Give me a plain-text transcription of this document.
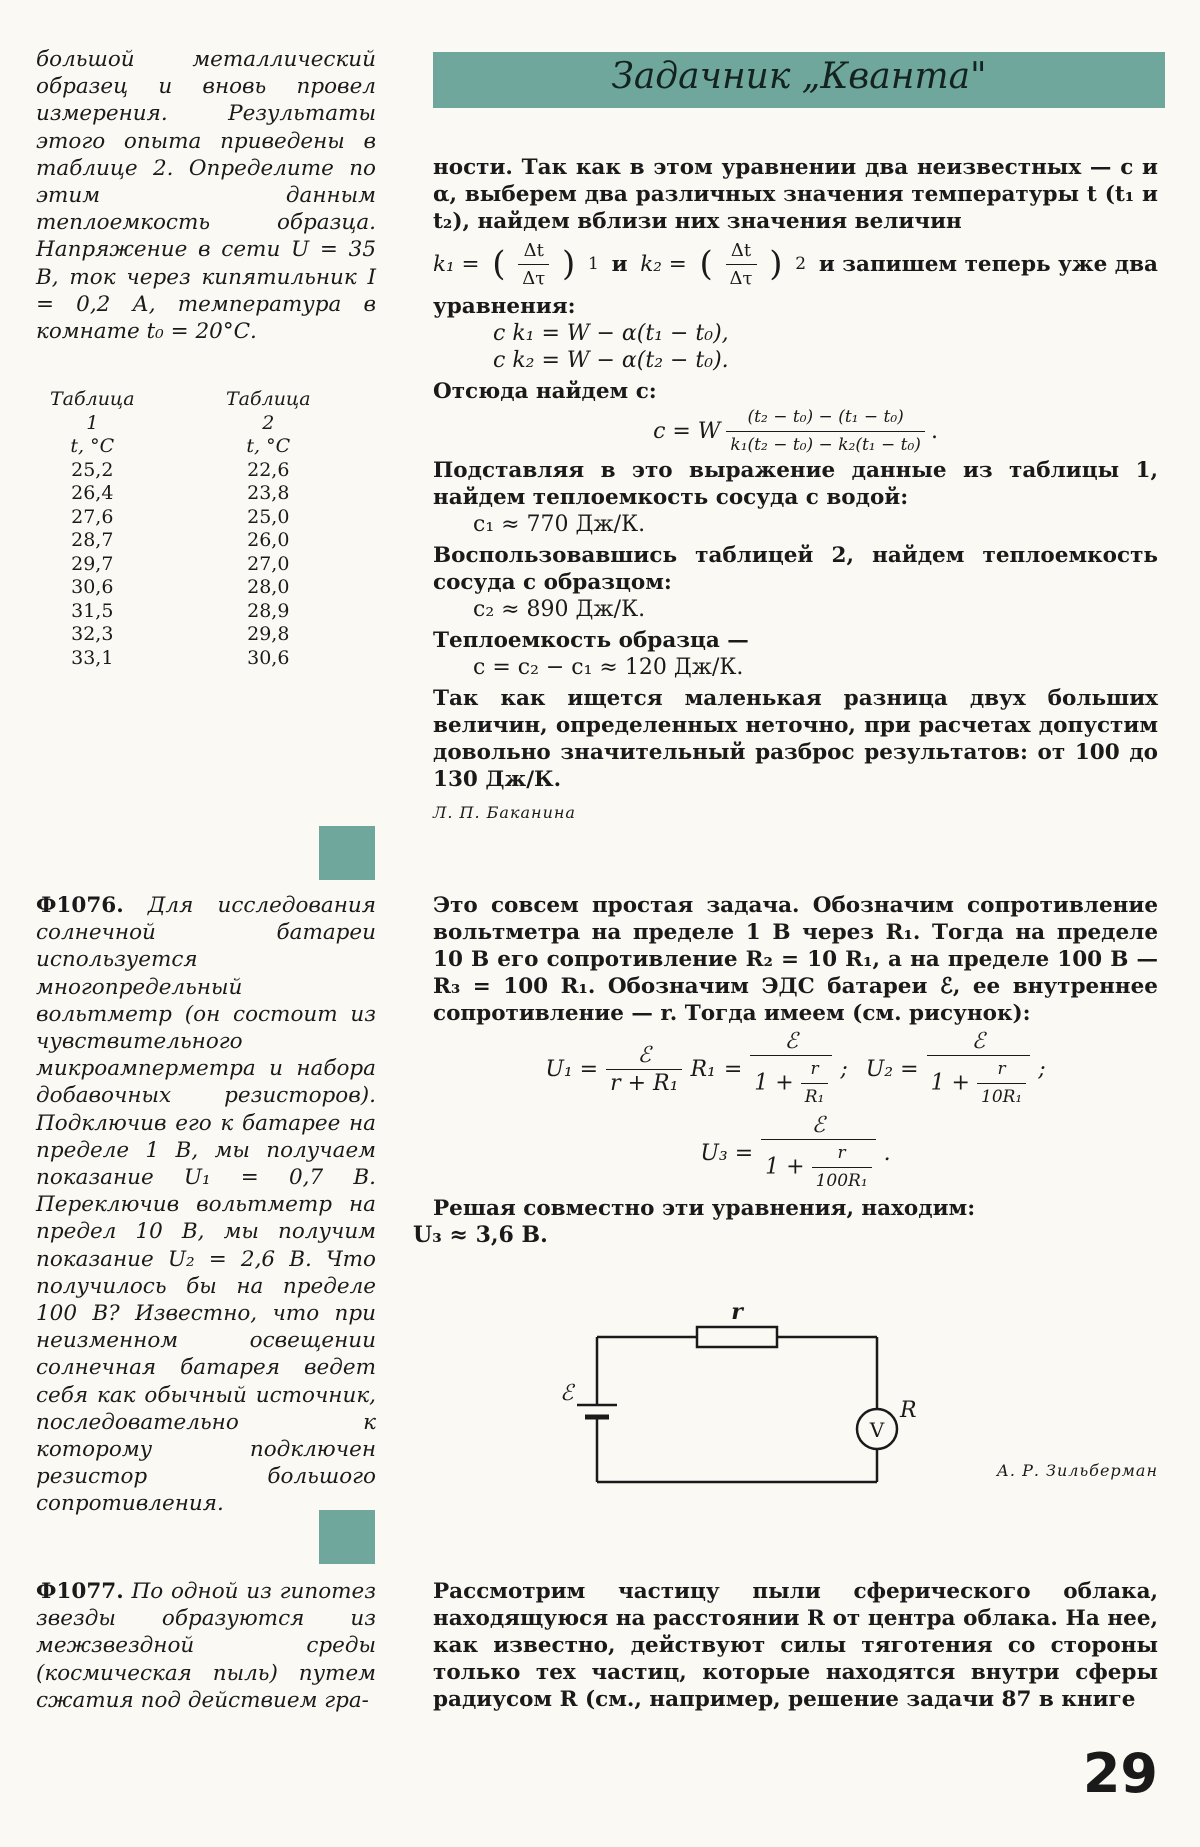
Задачник „Кванта"

большой металлический образец и вновь провел измерения. Результаты этого опыта приведены в таблице 2. Определите по этим данным теплоемкость образца. Напряжение в сети U = 35 В, ток через кипятильник I = 0,2 А, температура в комнате t₀ = 20°С.

Таблица 1
t, °С
25,2
26,4
27,6
28,7
29,7
30,6
31,5
32,3
33,1
Таблица 2
t, °С
22,6
23,8
25,0
26,0
27,0
28,0
28,9
29,8
30,6

Ф1076. Для исследования солнечной батареи используется многопредельный вольтметр (он состоит из чувствительного микроамперметра и набора добавочных резисторов). Подключив его к батарее на пределе 1 В, мы получаем показание U₁ = 0,7 В. Переключив вольтметр на предел 10 В, мы получим показание U₂ = 2,6 В. Что получилось бы на пределе 100 В? Известно, что при неизменном освещении солнечная батарея ведет себя как обычный источник, последовательно к которому подключен резистор большого сопротивления.

Ф1077. По одной из гипотез звезды образуются из межзвездной среды (космическая пыль) путем сжатия под действием гра-

ности. Так как в этом уравнении два неизвестных — c и α, выберем два различных значения температуры t (t₁ и t₂), найдем вблизи них значения величин

k₁ = ( $\frac{\Delta t}{\Delta\tau}$ ) 1 и k₂ = ( $\frac{\Delta t}{\Delta\tau}$ ) 2 и запишем теперь уже два

уравнения:

c k₁ = W − α(t₁ − t₀),

c k₂ = W − α(t₂ − t₀).

Отсюда найдем c:

c = W $\frac{\text{(t₂ − t₀) − (t₁ − t₀)}}{\text{k₁(t₂ − t₀) − k₂(t₁ − t₀)}}$ .

Подставляя в это выражение данные из таблицы 1, найдем теплоемкость сосуда с водой:

c₁ ≈ 770 Дж/К.

Воспользовавшись таблицей 2, найдем теплоемкость сосуда с образцом:

c₂ ≈ 890 Дж/К.

Теплоемкость образца —

c = c₂ − c₁ ≈ 120 Дж/К.

Так как ищется маленькая разница двух больших величин, определенных неточно, при расчетах допустим довольно значительный разброс результатов: от 100 до 130 Дж/К.

Л. П. Баканина

Это совсем простая задача. Обозначим сопротивление вольтметра на пределе 1 В через R₁. Тогда на пределе 10 В его сопротивление R₂ = 10 R₁, а на пределе 100 В — R₃ = 100 R₁. Обозначим ЭДС батареи ℰ, ее внутреннее сопротивление — r. Тогда имеем (см. рисунок):

$U_1 = \frac{\text{ℰ}}{\text{r + R₁}} R_1 = \frac{\text{ℰ}}{1 + \frac{r}{\text{R₁}}}$ ; $U_2 = \frac{\text{ℰ}}{1 + \frac{r}{\text{10R₁}}}$ ;
$U_3 = \frac{\text{ℰ}}{1 + \frac{r}{\text{100R₁}}}$ .

Решая совместно эти уравнения, находим:

U₃ ≈ 3,6 В.

r
V
R
ℰ
А. Р. Зильберман

Рассмотрим частицу пыли сферического облака, находящуюся на расстоянии R от центра облака. На нее, как известно, действуют силы тяготения со стороны только тех частиц, которые находятся внутри сферы радиусом R (см., например, решение задачи 87 в книге

29
